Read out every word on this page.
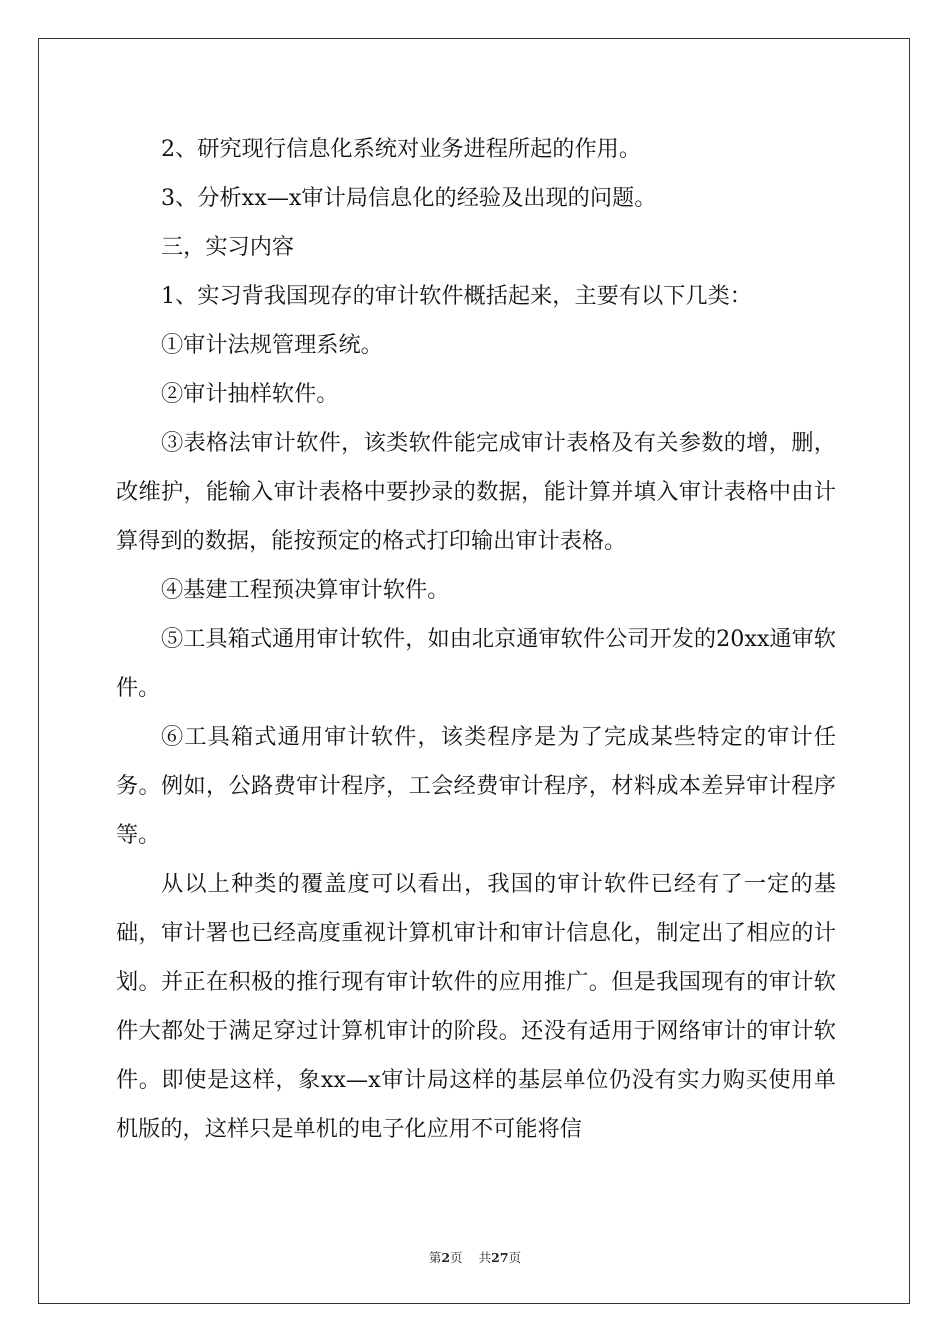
2、研究现行信息化系统对业务进程所起的作用。

3、分析xx—x审计局信息化的经验及出现的问题。

三，实习内容

1、实习背我国现存的审计软件概括起来，主要有以下几类：

①审计法规管理系统。

②审计抽样软件。

③表格法审计软件，该类软件能完成审计表格及有关参数的增，删，改维护，能输入审计表格中要抄录的数据，能计算并填入审计表格中由计算得到的数据，能按预定的格式打印输出审计表格。

④基建工程预决算审计软件。

⑤工具箱式通用审计软件，如由北京通审软件公司开发的20xx通审软件。

⑥工具箱式通用审计软件，该类程序是为了完成某些特定的审计任务。例如，公路费审计程序，工会经费审计程序，材料成本差异审计程序等。

从以上种类的覆盖度可以看出，我国的审计软件已经有了一定的基础，审计署也已经高度重视计算机审计和审计信息化，制定出了相应的计划。并正在积极的推行现有审计软件的应用推广。但是我国现有的审计软件大都处于满足穿过计算机审计的阶段。还没有适用于网络审计的审计软件。即使是这样，象xx—x审计局这样的基层单位仍没有实力购买使用单机版的，这样只是单机的电子化应用不可能将信

第2页 共27页
